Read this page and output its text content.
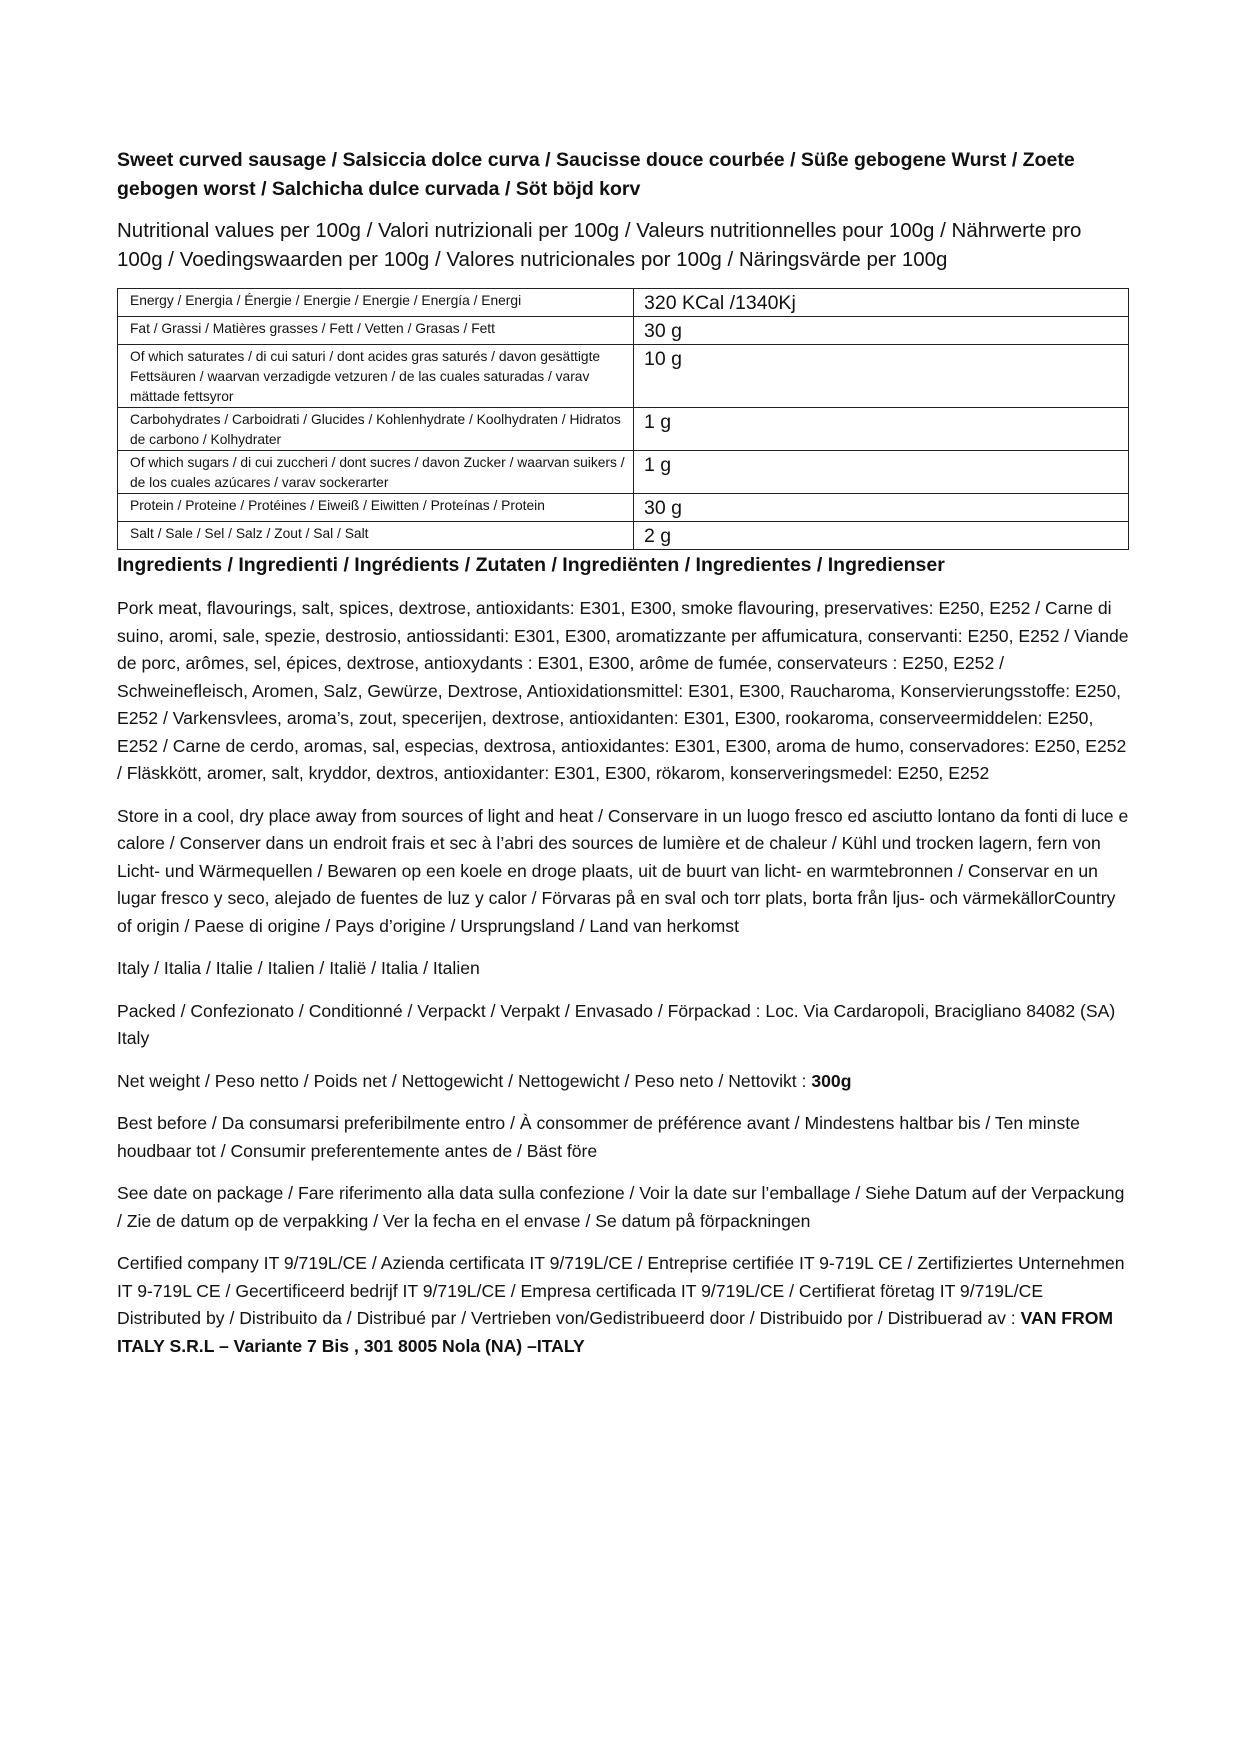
Sweet curved sausage / Salsiccia dolce curva / Saucisse douce courbée / Süße gebogene Wurst / Zoete gebogen worst / Salchicha dulce curvada / Söt böjd korv
Nutritional values per 100g / Valori nutrizionali per 100g / Valeurs nutritionnelles pour 100g / Nährwerte pro 100g / Voedingswaarden per 100g / Valores nutricionales por 100g / Näringsvärde per 100g
Energy / Energia / Énergie / Energie / Energie / Energía / Energi	320 KCal /1340Kj
Fat / Grassi / Matières grasses / Fett / Vetten / Grasas / Fett	30 g
Of which saturates / di cui saturi / dont acides gras saturés / davon gesättigte Fettsäuren / waarvan verzadigde vetzuren / de las cuales saturadas / varav mättade fettsyror	10 g
Carbohydrates / Carboidrati / Glucides / Kohlenhydrate / Koolhydraten / Hidratos de carbono / Kolhydrater	1 g
Of which sugars / di cui zuccheri / dont sucres / davon Zucker / waarvan suikers / de los cuales azúcares / varav sockerarter	1 g
Protein / Proteine / Protéines / Eiweiß / Eiwitten / Proteínas / Protein	30 g
Salt / Sale / Sel / Salz / Zout / Sal / Salt	2 g
Ingredients / Ingredienti / Ingrédients / Zutaten / Ingrediënten / Ingredientes / Ingredienser

Pork meat, flavourings, salt, spices, dextrose, antioxidants: E301, E300, smoke flavouring, preservatives: E250, E252 / Carne di suino, aromi, sale, spezie, destrosio, antiossidanti: E301, E300, aromatizzante per affumicatura, conservanti: E250, E252 / Viande de porc, arômes, sel, épices, dextrose, antioxydants : E301, E300, arôme de fumée, conservateurs : E250, E252 / Schweinefleisch, Aromen, Salz, Gewürze, Dextrose, Antioxidationsmittel: E301, E300, Raucharoma, Konservierungsstoffe: E250, E252 / Varkensvlees, aroma’s, zout, specerijen, dextrose, antioxidanten: E301, E300, rookaroma, conserveermiddelen: E250, E252 / Carne de cerdo, aromas, sal, especias, dextrosa, antioxidantes: E301, E300, aroma de humo, conservadores: E250, E252 / Fläskkött, aromer, salt, kryddor, dextros, antioxidanter: E301, E300, rökarom, konserveringsmedel: E250, E252

Store in a cool, dry place away from sources of light and heat / Conservare in un luogo fresco ed asciutto lontano da fonti di luce e calore / Conserver dans un endroit frais et sec à l’abri des sources de lumière et de chaleur / Kühl und trocken lagern, fern von Licht- und Wärmequellen / Bewaren op een koele en droge plaats, uit de buurt van licht- en warmtebronnen / Conservar en un lugar fresco y seco, alejado de fuentes de luz y calor / Förvaras på en sval och torr plats, borta från ljus- och värmekällorCountry of origin / Paese di origine / Pays d’origine / Ursprungsland / Land van herkomst

Italy / Italia / Italie / Italien / Italië / Italia / Italien

Packed / Confezionato / Conditionné / Verpackt / Verpakt / Envasado / Förpackad : Loc. Via Cardaropoli, Bracigliano 84082 (SA) Italy

Net weight / Peso netto / Poids net / Nettogewicht / Nettogewicht / Peso neto / Nettovikt : 300g

Best before / Da consumarsi preferibilmente entro / À consommer de préférence avant / Mindestens haltbar bis / Ten minste houdbaar tot / Consumir preferentemente antes de / Bäst före

See date on package / Fare riferimento alla data sulla confezione / Voir la date sur l’emballage / Siehe Datum auf der Verpackung / Zie de datum op de verpakking / Ver la fecha en el envase / Se datum på förpackningen

Certified company IT 9/719L/CE / Azienda certificata IT 9/719L/CE / Entreprise certifiée IT 9-719L CE / Zertifiziertes Unternehmen IT 9-719L CE / Gecertificeerd bedrijf IT 9/719L/CE / Empresa certificada IT 9/719L/CE / Certifierat företag IT 9/719L/CE Distributed by / Distribuito da / Distribué par / Vertrieben von/Gedistribueerd door / Distribuido por / Distribuerad av : VAN FROM ITALY S.R.L – Variante 7 Bis , 301 8005 Nola (NA) –ITALY
